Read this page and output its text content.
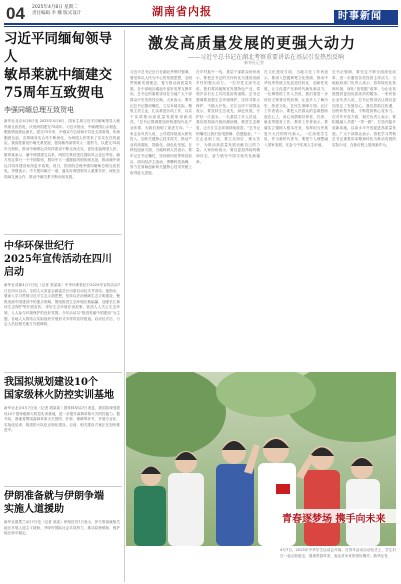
04 2025年4月8日 星期二
责任编辑 李 娜 版式设计	湖南省内报	时事新闻
习近平同缅甸领导人
敏昂莱就中缅建交
75周年互致贺电
李强同缅总理互致贺电
新华社北京4月8日电 2025年4月8日，国家主席习近平同缅甸领导人敏昂莱互致贺电，庆祝两国建交75周年。习近平指出，中缅两国山水相连，胞波情谊源远流长。建交75年来，中缅双方弘扬和平共处五项原则，传承胞波友谊，各领域务实合作不断深化，为两国人民带来了实实在在的福祉。我高度重视中缅关系发展，愿同敏昂莱领导人一道努力，以建交75周年为契机，推动中缅命运共同体建设不断走深走实，更好造福两国人民。敏昂莱表示，缅中两国建交以来，两国关系经受住国际风云变幻考验，缅方坚定奉行一个中国原则，愿同中方一道继续巩固传统友谊，推动缅中命运共同体建设取得更多成果。同日，国务院总理李强同缅甸总理互致贺电。李强表示，中方愿同缅方一道，落实好两国领导人重要共识，深化各领域交流合作，推动中缅关系不断向前发展。
中华环保世纪行
2025年宣传活动在四川启动
新华社成都4月7日电（记者 张某某）中华环保世纪行2025年宣传活动7日在四川启动。全国人大常委会副委员长出席启动仪式并讲话。他指出，要深入学习贯彻习近平生态文明思想，坚持以法治保障生态文明建设，聚焦美丽中国建设中的重点领域，围绕推进生态环境法典编纂、加强长江黄河生态保护等开展宣传，讲好生态环境法治故事，营造人人关心生态环境、人人参与环境保护的良好氛围。今年活动以“推进美丽中国建设”为主题，各地人大将结合实际组织开展形式多样的宣传报道。启动仪式后，与会人员赴相关地方开展调研。
我国拟规划建设10个
国家级林火防控实训基地
新华社北京4月7日电（记者 胡某某）国家林草局7日消息，我国拟规划建设10个国家级林火防控实训基地，进一步提升森林草原火灾防控能力。据介绍，基地将围绕森林草原火灾预防、扑救、保障等环节，开展专业化、实战化培训，推进防火队伍正规化建设。目前，相关建设方案正在加快推进中。
伊朗准备就与伊朗争端
实施人道援助
新华社德黑兰4月7日电（记者 某某）伊朗官员7日表示，伊方准备就相关地区开展人道主义援助，并呼吁国际社会共同努力，推动局势缓和，维护地区和平稳定。
激发高质量发展的更强大动力
——习近平总书记在湖北考察重要讲话在基层引发热烈反响
新华社记者
习近平总书记近日在湖北考察时强调，要坚持以人民为中心的发展思想，全面贯彻新发展理念，着力推动高质量发展，在中部地区崛起中更好发挥支撑作用。总书记的重要讲话在当地广大干部群众中引发热烈反响。大家表示，要牢记总书记殷切嘱托，立足本地实际，聚焦主责主业，扎实推进各项工作，以实干实绩推动高质量发展取得新成效。“总书记强调要加快构建现代化产业体系，为我们指明了前进方向。”一家企业负责人说，公司将持续加大研发投入，加快关键核心技术攻关，推动产业向高端化、智能化、绿色化发展。在科技创新方面，当地科研人员表示，要牢记总书记嘱托，坚持面向世界科技前沿、面向经济主战场，勇攀科技高峰，努力在原始创新和关键核心技术突破上取得更大进展。
在乡村振兴一线，基层干部群众纷纷表示，要把总书记的关怀转化为建设美丽乡村的强大动力。一位村党支部书记说，我们将因地制宜发展特色产业，带领乡亲们走上共同富裕的道路。总书记强调要加强生态环境保护，坚持共抓大保护、不搞大开发。长江沿岸干部群众表示，要坚持生态优先、绿色发展，守护好一江碧水。一名基层工作人员说，我们将持续开展河湖治理，推进生态修复，让长江生态环境持续改善。“总书记的嘱托让我们倍受鼓舞、倍感振奋。”一位企业职工说，要立足岗位、埋头苦干，为推动高质量发展贡献自己的力量。大家纷纷表示，要以更加昂扬的精神状态，奋力谱写中国式现代化新篇章。
在文化建设方面，当地文化工作者表示，要深入挖掘荆楚文化资源，推动中华优秀传统文化创造性转化、创新性发展，让文化遗产在新时代焕发新活力。一位博物馆工作人员说，我们将进一步讲好文物背后的故事，让更多人了解历史、热爱文化。在民生保障方面，社区工作者表示，要把人民群众的急难愁盼放在心上，用心用情做好养老、托育、就业等服务工作。教育工作者表示，要落实立德树人根本任务，培养担当民族复兴大任的时代新人。一位高校学生说，作为新时代青年，要把个人理想融入国家发展，在奋斗中实现人生价值。
总书记强调，要坚定不移全面深化改革，进一步激发各类经营主体活力。当地政府部门负责人表示，将持续优化营商环境，深化“放管服”改革，为企业发展提供更加优质高效的服务。一家民营企业负责人说，总书记的讲话让我们更加坚定了发展信心，我们将抓住机遇，加快转型升级，不断提高核心竞争力。在对外开放方面，相关负责人表示，要积极融入共建“一带一路”，打造内陆开放新高地，以高水平开放促进高质量发展。广大干部群众表示，将把学习贯彻总书记重要讲话精神转化为推动发展的实际行动，在新征程上展现新作为。
青春逐梦场 携手向未来
4月7日，2025年中华学生运动会开幕。在青年活动启动仪式上，学生们在一起合影留念，展现青春风采，表达对未来的美好期许。新华社发
